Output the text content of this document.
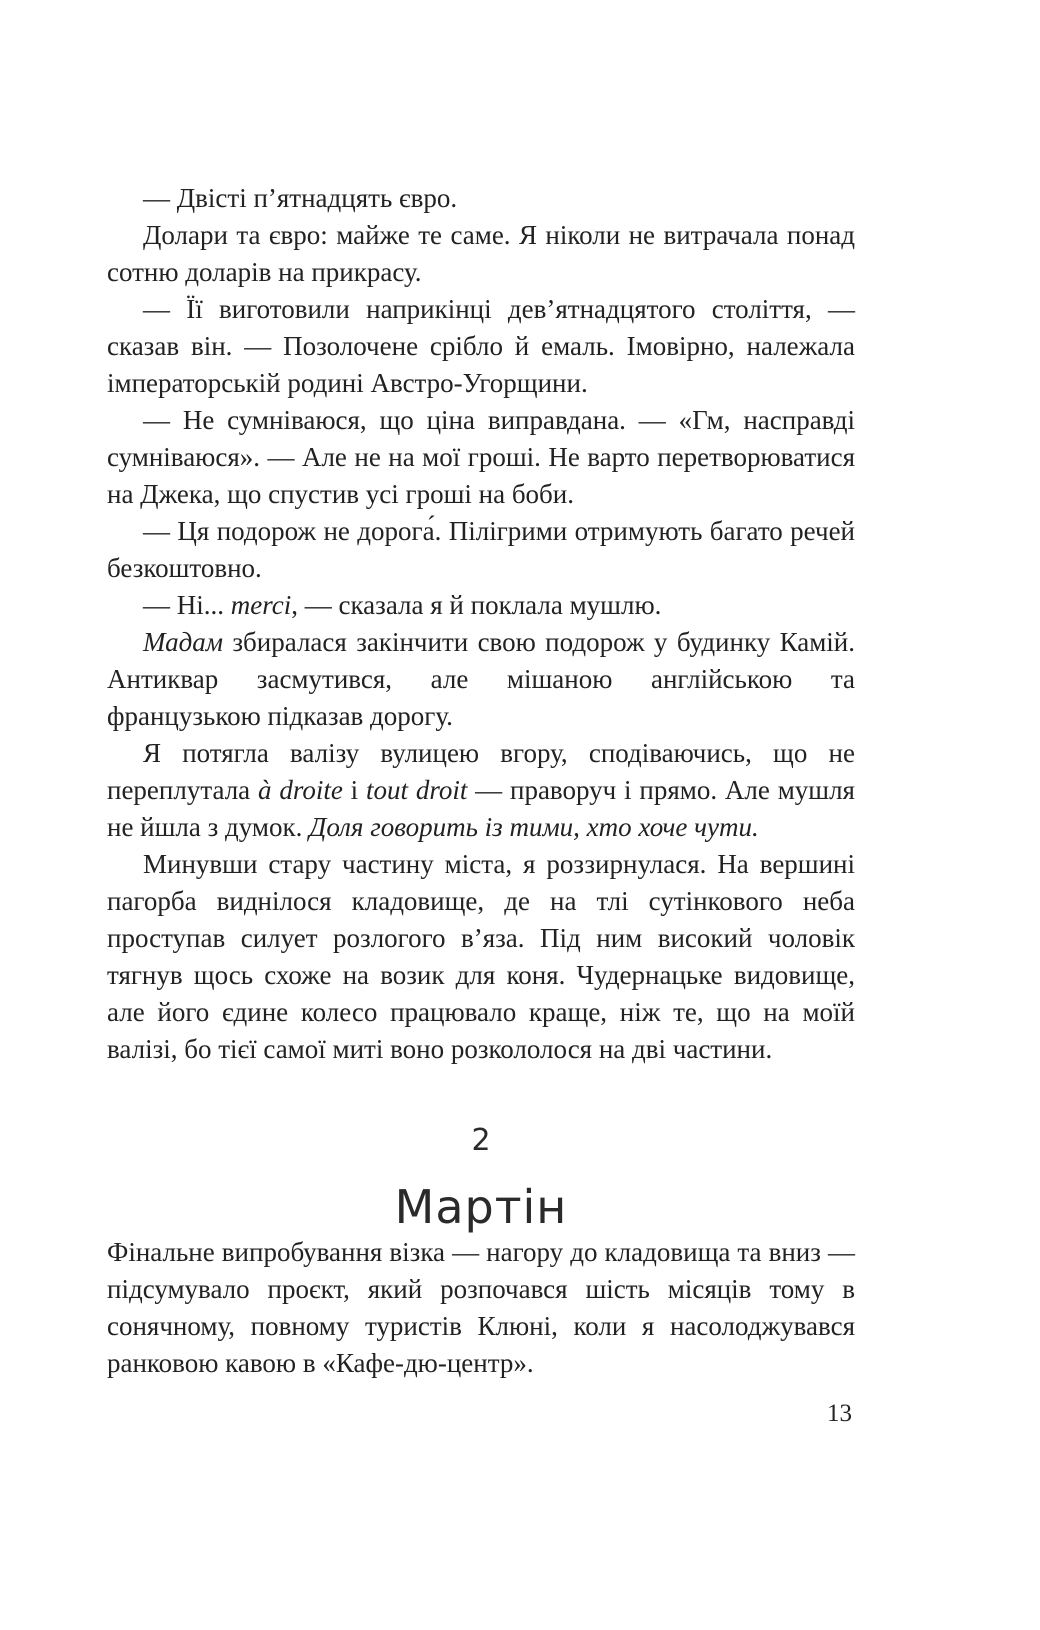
— Двісті п’ятнадцять євро.

Долари та євро: майже те саме. Я ніколи не витрачала понад сотню доларів на прикрасу.

— Її виготовили наприкінці дев’ятнадцятого століття, — сказав він. — Позолочене срібло й емаль. Імовірно, належала імператорській родині Австро-Угорщини.

— Не сумніваюся, що ціна виправдана. — «Гм, насправді сумніваюся». — Але не на мої гроші. Не варто перетворюватися на Джека, що спустив усі гроші на боби.

— Ця подорож не дорога́. Пілігрими отримують багато речей безкоштовно.

— Ні... merci, — сказала я й поклала мушлю.

Мадам збиралася закінчити свою подорож у будинку Камій. Антиквар засмутився, але мішаною англійською та французькою підказав дорогу.

Я потягла валізу вулицею вгору, сподіваючись, що не переплутала à droite і tout droit — праворуч і прямо. Але мушля не йшла з думок. Доля говорить із тими, хто хоче чути.

Минувши стару частину міста, я роззирнулася. На вершині пагорба виднілося кладовище, де на тлі сутінкового неба проступав силует розлогого в’яза. Під ним високий чоловік тягнув щось схоже на возик для коня. Чудернацьке видовище, але його єдине колесо працювало краще, ніж те, що на моїй валізі, бо тієї самої миті воно розкололося на дві частини.

2
Мартін

Фінальне випробування візка — нагору до кладовища та вниз — підсумувало проєкт, який розпочався шість місяців тому в сонячному, повному туристів Клюні, коли я насолоджувався ранковою кавою в «Кафе-дю-центр».

13
